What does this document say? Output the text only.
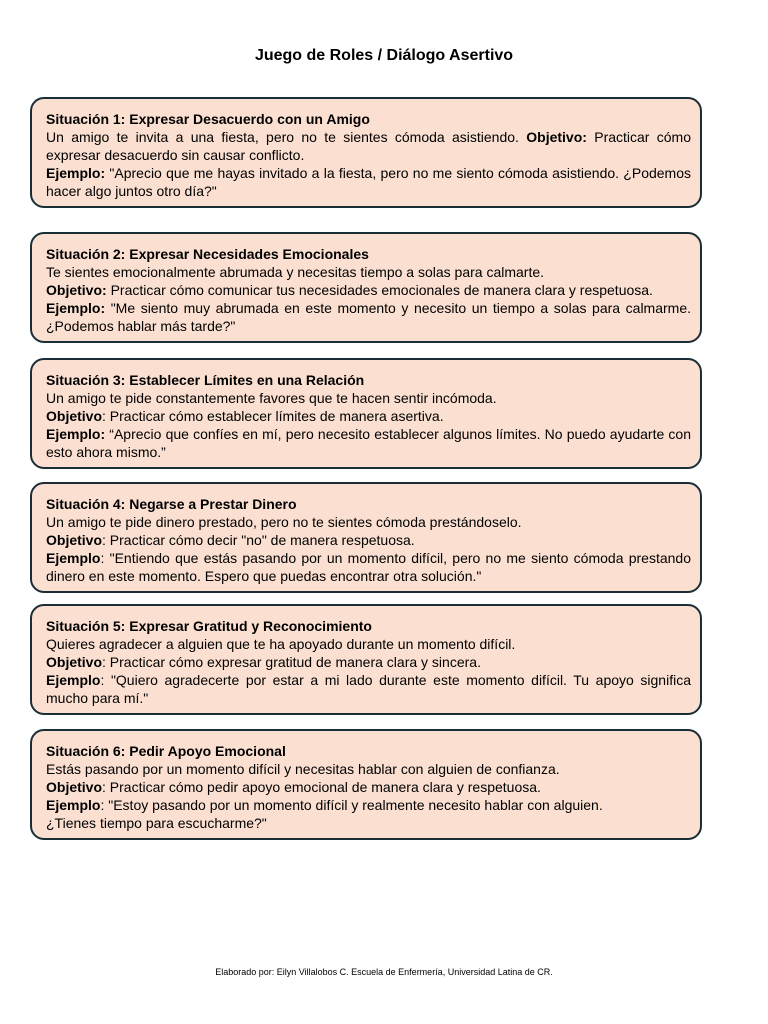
Juego de Roles / Diálogo Asertivo

Situación 1: Expresar Desacuerdo con un Amigo

Un amigo te invita a una fiesta, pero no te sientes cómoda asistiendo. Objetivo: Practicar cómo expresar desacuerdo sin causar conflicto.

Ejemplo: "Aprecio que me hayas invitado a la fiesta, pero no me siento cómoda asistiendo. ¿Podemos hacer algo juntos otro día?"

Situación 2: Expresar Necesidades Emocionales

Te sientes emocionalmente abrumada y necesitas tiempo a solas para calmarte.

Objetivo: Practicar cómo comunicar tus necesidades emocionales de manera clara y respetuosa.

Ejemplo: "Me siento muy abrumada en este momento y necesito un tiempo a solas para calmarme. ¿Podemos hablar más tarde?"

Situación 3: Establecer Límites en una Relación

Un amigo te pide constantemente favores que te hacen sentir incómoda.

Objetivo: Practicar cómo establecer límites de manera asertiva.

Ejemplo: “Aprecio que confíes en mí, pero necesito establecer algunos límites. No puedo ayudarte con esto ahora mismo.”

Situación 4: Negarse a Prestar Dinero

Un amigo te pide dinero prestado, pero no te sientes cómoda prestándoselo.

Objetivo: Practicar cómo decir "no" de manera respetuosa.

Ejemplo: "Entiendo que estás pasando por un momento difícil, pero no me siento cómoda prestando dinero en este momento. Espero que puedas encontrar otra solución."

Situación 5: Expresar Gratitud y Reconocimiento

Quieres agradecer a alguien que te ha apoyado durante un momento difícil.

Objetivo: Practicar cómo expresar gratitud de manera clara y sincera.

Ejemplo: "Quiero agradecerte por estar a mi lado durante este momento difícil. Tu apoyo significa mucho para mí."

Situación 6: Pedir Apoyo Emocional

Estás pasando por un momento difícil y necesitas hablar con alguien de confianza.

Objetivo: Practicar cómo pedir apoyo emocional de manera clara y respetuosa.

Ejemplo: "Estoy pasando por un momento difícil y realmente necesito hablar con alguien.

¿Tienes tiempo para escucharme?"

Elaborado por: Eilyn Villalobos C. Escuela de Enfermería, Universidad Latina de CR.
